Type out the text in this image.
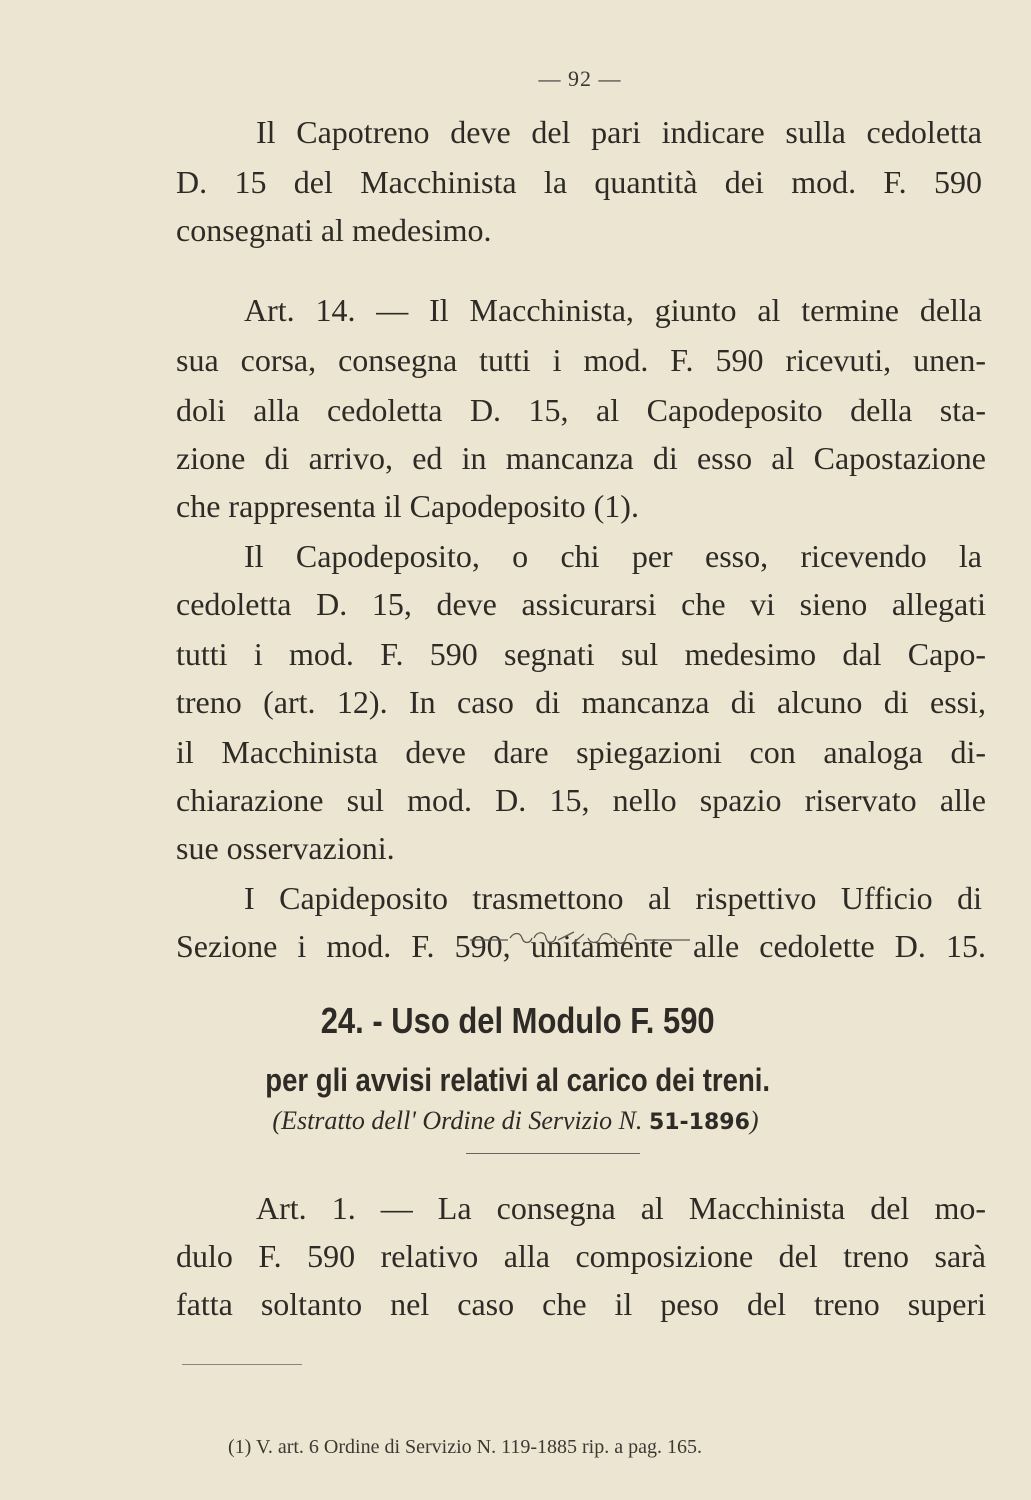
— 92 —
Il Capotreno deve del pari indicare sulla cedoletta
D. 15 del Macchinista la quantità dei mod. F. 590
consegnati al medesimo.
Art. 14. — Il Macchinista, giunto al termine della
sua corsa, consegna tutti i mod. F. 590 ricevuti, unen-
doli alla cedoletta D. 15, al Capodeposito della sta-
zione di arrivo, ed in mancanza di esso al Capostazione
che rappresenta il Capodeposito (1).
Il Capodeposito, o chi per esso, ricevendo la
cedoletta D. 15, deve assicurarsi che vi sieno allegati
tutti i mod. F. 590 segnati sul medesimo dal Capo-
treno (art. 12). In caso di mancanza di alcuno di essi,
il Macchinista deve dare spiegazioni con analoga di-
chiarazione sul mod. D. 15, nello spazio riservato alle
sue osservazioni.
I Capideposito trasmettono al rispettivo Ufficio di
Sezione i mod. F. 590, unitamente alle cedolette D. 15.
24. - Uso del Modulo F. 590
per gli avvisi relativi al carico dei treni.
(Estratto dell' Ordine di Servizio N. 51-1896)
Art. 1. — La consegna al Macchinista del mo-
dulo F. 590 relativo alla composizione del treno sarà
fatta soltanto nel caso che il peso del treno superi
(1) V. art. 6 Ordine di Servizio N. 119-1885 rip. a pag. 165.
